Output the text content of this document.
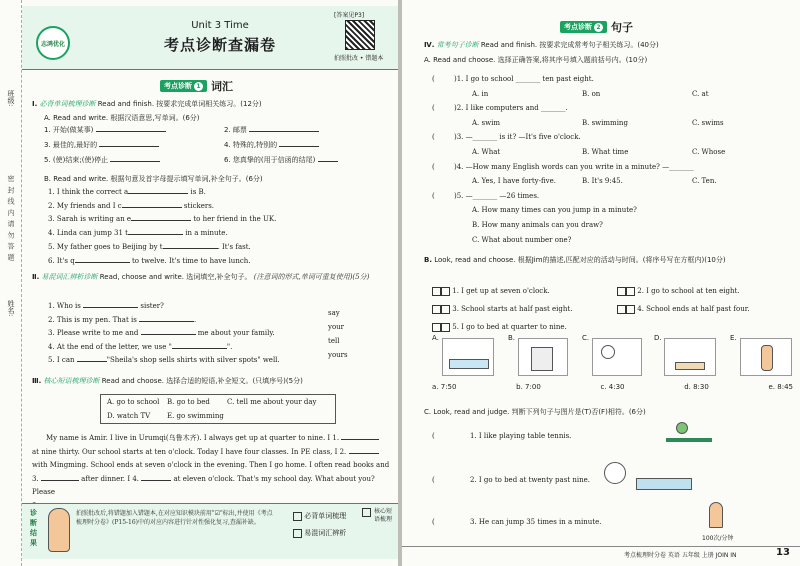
班级:
密 封 线 内 请 勿 答 题
姓名:
[答案见P3]
志鸿优化
Unit 3 Time
考点诊断查漏卷
拍照批改 • 错题本
考点诊断 1 词汇
Ⅰ. 必背单词梳理诊断 Read and finish. 按要求完成单词相关练习。(12分)
A. Read and write. 根据汉语意思,写单词。(6分)
1. 开始(做某事)	2. 邮票
3. 最佳的,最好的	4. 特殊的,特别的
5. (使)结束;(使)停止	6. 您真挚的(用于信函的结尾)
B. Read and write. 根据句意及首字母提示填写单词,补全句子。(6分)
1. I think the correct a	is B.
2. My friends and I c	stickers.
3. Sarah is writing an e	to her friend in the UK.
4. Linda can jump 31 t	in a minute.
5. My father goes to Beijing by t	. It's fast.
6. It's q	to twelve. It's time to have lunch.
Ⅱ. 易混词汇辨析诊断 Read, choose and write. 选词填空,补全句子。 (注意词的形式,单词可重复使用)(5分)
1. Who is	sister?
2. This is my pen. That is	.
3. Please write to me and	me about your family.
4. At the end of the letter, we use "	".
5. I can	"Sheila's shop sells shirts with silver spots" well.
say
your
tell
yours
Ⅲ. 核心短语梳理诊断 Read and choose. 选择合适的短语,补全短文。(只填序号)(5分)
A. go to school	B. go to bed	C. tell me about your day
D. watch TV	E. go swimming
My name is Amir. I live in Urumqi(乌鲁木齐). I always get up at quarter to nine. I 1.
at nine thirty. Our school starts at ten o'clock. Today I have four classes. In PE class, I 2.
with Mingming. School ends at seven o'clock in the evening. Then I go home. I often read books and
3.	after dinner. I 4.	at eleven o'clock. That's my school day. What about you? Please
诊断结果
拍照批改后,将错题加入错题本,在对应知识模块前用"☑"标出,并使用《考点梳理时分卷》(P15-16)中的对应内容进行针对性强化复习,查漏补缺。
必背单词梳理
易混词汇辨析
核心短语梳理
考点诊断 2 句子
Ⅳ. 常考句子诊断 Read and finish. 按要求完成常考句子相关练习。(40分)
A. Read and choose. 选择正确答案,将其序号填入题前括号内。(10分)
(	)1. I go to school _______ ten past eight.
A. in	B. on	C. at
(	)2. I like computers and _______.
A. swim	B. swimming	C. swims
(	)3. —_______ is it? —It's five o'clock.
A. What	B. What time	C. Whose
(	)4. —How many English words can you write in a minute? —_______
A. Yes, I have forty-five.	B. It's 9:45.	C. Ten.
(	)5. —_______ —26 times.
A. How many times can you jump in a minute?
B. How many animals can you draw?
C. What about number one?
B. Look, read and choose. 根据Jim的描述,匹配对应的活动与时间。(将序号写在方框内)(10分)
1. I get up at seven o'clock.	2. I go to school at ten eight.
3. School starts at half past eight.	4. School ends at half past four.
5. I go to bed at quarter to nine.
A.	B.	C.	D.	E.
a. 7:50	b. 7:00	c. 4:30	d. 8:30	e. 8:45
C. Look, read and judge. 判断下列句子与图片是(T)否(F)相符。(6分)
(	1. I like playing table tennis.
(	2. I go to bed at twenty past nine.
(	3. He can jump 35 times in a minute.
100次/分钟
考点梳理时分卷 英语 五年级 上册 JOIN IN	13
